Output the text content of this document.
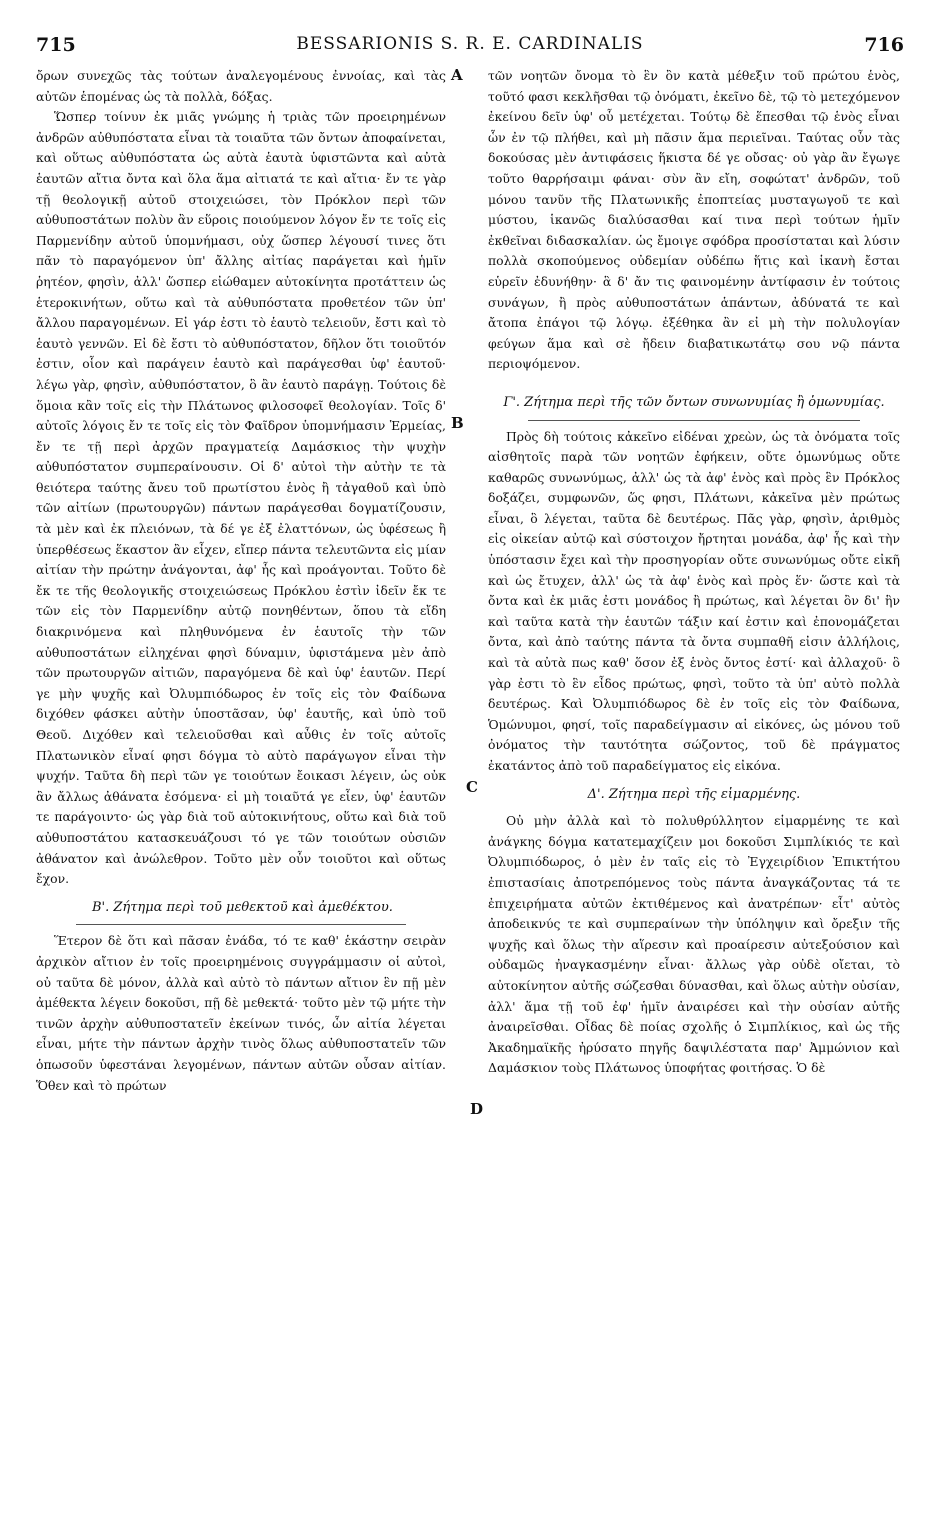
715	BESSARIONIS S. R. E. CARDINALIS	716
A
B
C
D

ὄρων συνεχῶς τὰς τούτων ἀναλεγομένους ἐννοίας, καὶ τὰς αὐτῶν ἑπομένας ὡς τὰ πολλὰ, δόξας.

Ὥσπερ τοίνυν ἐκ μιᾶς γνώμης ἡ τριὰς τῶν προειρημένων ἀνδρῶν αὐθυπόστατα εἶναι τὰ τοιαῦτα τῶν ὄντων ἀποφαίνεται, καὶ οὕτως αὐθυπόστατα ὡς αὐτὰ ἑαυτὰ ὑφιστῶντα καὶ αὐτὰ ἑαυτῶν αἴτια ὄντα καὶ ὅλα ἅμα αἰτιατά τε καὶ αἴτια· ἔν τε γὰρ τῇ θεολογικῇ αὐτοῦ στοιχειώσει, τὸν Πρόκλον περὶ τῶν αὐθυποστάτων πολὺν ἂν εὕροις ποιούμενον λόγον ἔν τε τοῖς εἰς Παρμενίδην αὐτοῦ ὑπομνήμασι, οὐχ ὥσπερ λέγουσί τινες ὅτι πᾶν τὸ παραγόμενον ὑπ' ἄλλης αἰτίας παράγεται καὶ ἡμῖν ῥητέον, φησὶν, ἀλλ' ὥσπερ εἰώθαμεν αὐτοκίνητα προτάττειν ὡς ἑτεροκινήτων, οὕτω καὶ τὰ αὐθυπόστατα προθετέον τῶν ὑπ' ἄλλου παραγομένων. Εἰ γάρ ἐστι τὸ ἑαυτὸ τελειοῦν, ἔστι καὶ τὸ ἑαυτὸ γεννῶν. Εἰ δὲ ἔστι τὸ αὐθυπόστατον, δῆλον ὅτι τοιοῦτόν ἐστιν, οἷον καὶ παράγειν ἑαυτὸ καὶ παράγεσθαι ὑφ' ἑαυτοῦ· λέγω γὰρ, φησὶν, αὐθυπόστατον, ὃ ἂν ἑαυτὸ παράγῃ. Τούτοις δὲ ὅμοια κἂν τοῖς εἰς τὴν Πλάτωνος φιλοσοφεῖ θεολογίαν. Τοῖς δ' αὐτοῖς λόγοις ἔν τε τοῖς εἰς τὸν Φαῖδρον ὑπομνήμασιν Ἑρμείας, ἔν τε τῇ περὶ ἀρχῶν πραγματείᾳ Δαμάσκιος τὴν ψυχὴν αὐθυπόστατον συμπεραίνουσιν. Οἱ δ' αὐτοὶ τὴν αὐτὴν τε τὰ θειότερα ταύτης ἄνευ τοῦ πρωτίστου ἑνὸς ἢ τἀγαθοῦ καὶ ὑπὸ τῶν αἰτίων (πρωτουργῶν) πάντων παράγεσθαι δογματίζουσιν, τὰ μὲν καὶ ἐκ πλειόνων, τὰ δέ γε ἐξ ἐλαττόνων, ὡς ὑφέσεως ἢ ὑπερθέσεως ἕκαστον ἂν εἶχεν, εἴπερ πάντα τελευτῶντα εἰς μίαν αἰτίαν τὴν πρώτην ἀνάγονται, ἀφ' ἧς καὶ προάγονται. Τοῦτο δὲ ἔκ τε τῆς θεολογικῆς στοιχειώσεως Πρόκλου ἐστὶν ἰδεῖν ἔκ τε τῶν εἰς τὸν Παρμενίδην αὐτῷ πονηθέντων, ὅπου τὰ εἴδη διακρινόμενα καὶ πληθυνόμενα ἐν ἑαυτοῖς τὴν τῶν αὐθυποστάτων εἰληχέναι φησὶ δύναμιν, ὑφιστάμενα μὲν ἀπὸ τῶν πρωτουργῶν αἰτιῶν, παραγόμενα δὲ καὶ ὑφ' ἑαυτῶν. Περί γε μὴν ψυχῆς καὶ Ὀλυμπιόδωρος ἐν τοῖς εἰς τὸν Φαίδωνα διχόθεν φάσκει αὐτὴν ὑποστᾶσαν, ὑφ' ἑαυτῆς, καὶ ὑπὸ τοῦ Θεοῦ. Διχόθεν καὶ τελειοῦσθαι καὶ αὖθις ἐν τοῖς αὐτοῖς Πλατωνικὸν εἶναί φησι δόγμα τὸ αὐτὸ παράγωγον εἶναι τὴν ψυχήν. Ταῦτα δὴ περὶ τῶν γε τοιούτων ἔοικασι λέγειν, ὡς οὐκ ἂν ἄλλως ἀθάνατα ἐσόμενα· εἰ μὴ τοιαῦτά γε εἶεν, ὑφ' ἑαυτῶν τε παράγοιντο· ὡς γὰρ διὰ τοῦ αὐτοκινήτους, οὕτω καὶ διὰ τοῦ αὐθυποστάτου κατασκευάζουσι τό γε τῶν τοιούτων οὐσιῶν ἀθάνατον καὶ ἀνώλεθρον. Τοῦτο μὲν οὖν τοιοῦτοι καὶ οὕτως ἔχον.

Β'. Ζήτημα περὶ τοῦ μεθεκτοῦ καὶ ἀμεθέκτου.

Ἕτερον δὲ ὅτι καὶ πᾶσαν ἐνάδα, τό τε καθ' ἑκάστην σειρὰν ἀρχικὸν αἴτιον ἐν τοῖς προειρημένοις συγγράμμασιν οἱ αὐτοὶ, οὐ ταῦτα δὲ μόνον, ἀλλὰ καὶ αὐτὸ τὸ πάντων αἴτιον ἓν πῇ μὲν ἀμέθεκτα λέγειν δοκοῦσι, πῇ δὲ μεθεκτά· τοῦτο μὲν τῷ μήτε τὴν τινῶν ἀρχὴν αὐθυποστατεῖν ἐκείνων τινός, ὧν αἰτία λέγεται εἶναι, μήτε τὴν πάντων ἀρχὴν τινὸς ὅλως αὐθυποστατεῖν τῶν ὁπωσοῦν ὑφεστάναι λεγομένων, πάντων αὐτῶν οὖσαν αἰτίαν. Ὅθεν καὶ τὸ πρώτων

τῶν νοητῶν ὄνομα τὸ ἓν ὂν κατὰ μέθεξιν τοῦ πρώτου ἑνὸς, τοῦτό φασι κεκλῆσθαι τῷ ὀνόματι, ἐκεῖνο δὲ, τῷ τὸ μετεχόμενον ἐκείνου δεῖν ὑφ' οὗ μετέχεται. Τούτῳ δὲ ἕπεσθαι τῷ ἑνὸς εἶναι ὧν ἐν τῷ πλήθει, καὶ μὴ πᾶσιν ἅμα περιεῖναι. Ταύτας οὖν τὰς δοκούσας μὲν ἀντιφάσεις ἥκιστα δέ γε οὔσας· οὐ γὰρ ἂν ἔγωγε τοῦτο θαρρήσαιμι φάναι· σὺν ἂν εἴη, σοφώτατ' ἀνδρῶν, τοῦ μόνου τανῦν τῆς Πλατωνικῆς ἐποπτείας μυσταγωγοῦ τε καὶ μύστου, ἱκανῶς διαλύσασθαι καί τινα περὶ τούτων ἡμῖν ἐκθεῖναι διδασκαλίαν. ὡς ἔμοιγε σφόδρα προσίσταται καὶ λύσιν πολλὰ σκοπούμενος οὐδεμίαν οὐδέπω ἥτις καὶ ἱκανὴ ἔσται εὑρεῖν ἐδυνήθην· ἃ δ' ἄν τις φαινομένην ἀντίφασιν ἐν τούτοις συνάγων, ἢ πρὸς αὐθυποστάτων ἁπάντων, ἀδύνατά τε καὶ ἄτοπα ἐπάγοι τῷ λόγῳ. ἐξέθηκα ἂν εἰ μὴ τὴν πολυλογίαν φεύγων ἅμα καὶ σὲ ἤδειν διαβατικωτάτῳ σου νῷ πάντα περιοψόμενον.

Γ'. Ζήτημα περὶ τῆς τῶν ὄντων συνωνυμίας ἢ ὁμωνυμίας.

Πρὸς δὴ τούτοις κἀκεῖνο εἰδέναι χρεὼν, ὡς τὰ ὀνόματα τοῖς αἰσθητοῖς παρὰ τῶν νοητῶν ἐφήκειν, οὔτε ὁμωνύμως οὔτε καθαρῶς συνωνύμως, ἀλλ' ὡς τὰ ἀφ' ἑνὸς καὶ πρὸς ἓν Πρόκλος δοξάζει, συμφωνῶν, ὥς φησι, Πλάτωνι, κἀκεῖνα μὲν πρώτως εἶναι, ὃ λέγεται, ταῦτα δὲ δευτέρως. Πᾶς γὰρ, φησὶν, ἀριθμὸς εἰς οἰκείαν αὐτῷ καὶ σύστοιχον ἤρτηται μονάδα, ἀφ' ἧς καὶ τὴν ὑπόστασιν ἔχει καὶ τὴν προσηγορίαν οὔτε συνωνύμως οὔτε εἰκῆ καὶ ὡς ἔτυχεν, ἀλλ' ὡς τὰ ἀφ' ἑνὸς καὶ πρὸς ἕν· ὥστε καὶ τὰ ὄντα καὶ ἐκ μιᾶς ἐστι μονάδος ἢ πρώτως, καὶ λέγεται ὂν δι' ἣν καὶ ταῦτα κατὰ τὴν ἑαυτῶν τάξιν καί ἐστιν καὶ ἐπονομάζεται ὄντα, καὶ ἀπὸ ταύτης πάντα τὰ ὄντα συμπαθῆ εἰσιν ἀλλήλοις, καὶ τὰ αὐτὰ πως καθ' ὅσον ἐξ ἑνὸς ὄντος ἐστί· καὶ ἀλλαχοῦ· ὃ γὰρ ἐστι τὸ ἓν εἶδος πρώτως, φησὶ, τοῦτο τὰ ὑπ' αὐτὸ πολλὰ δευτέρως. Καὶ Ὀλυμπιόδωρος δὲ ἐν τοῖς εἰς τὸν Φαίδωνα, Ὁμώνυμοι, φησί, τοῖς παραδείγμασιν αἱ εἰκόνες, ὡς μόνου τοῦ ὀνόματος τὴν ταυτότητα σώζοντος, τοῦ δὲ πράγματος ἐκατάντος ἀπὸ τοῦ παραδείγματος εἰς εἰκόνα.

Δ'. Ζήτημα περὶ τῆς εἱμαρμένης.

Οὐ μὴν ἀλλὰ καὶ τὸ πολυθρύλλητον εἱμαρμένης τε καὶ ἀνάγκης δόγμα κατατεμαχίζειν μοι δοκοῦσι Σιμπλίκιός τε καὶ Ὀλυμπιόδωρος, ὁ μὲν ἐν ταῖς εἰς τὸ Ἐγχειρίδιον Ἐπικτήτου ἐπιστασίαις ἀποτρεπόμενος τοὺς πάντα ἀναγκάζοντας τά τε ἐπιχειρήματα αὐτῶν ἐκτιθέμενος καὶ ἀνατρέπων· εἶτ' αὐτὸς ἀποδεικνύς τε καὶ συμπεραίνων τὴν ὑπόληψιν καὶ ὄρεξιν τῆς ψυχῆς καὶ ὅλως τὴν αἵρεσιν καὶ προαίρεσιν αὐτεξούσιον καὶ οὐδαμῶς ἠναγκασμένην εἶναι· ἄλλως γὰρ οὐδὲ οἴεται, τὸ αὐτοκίνητον αὐτῆς σώζεσθαι δύνασθαι, καὶ ὅλως αὐτὴν οὐσίαν, ἀλλ' ἅμα τῇ τοῦ ἐφ' ἡμῖν ἀναιρέσει καὶ τὴν οὐσίαν αὐτῆς ἀναιρεῖσθαι. Οἶδας δὲ ποίας σχολῆς ὁ Σιμπλίκιος, καὶ ὡς τῆς Ἀκαδημαϊκῆς ἠρύσατο πηγῆς δαψιλέστατα παρ' Ἀμμώνιον καὶ Δαμάσκιον τοὺς Πλάτωνος ὑποφήτας φοιτήσας. Ὁ δὲ
